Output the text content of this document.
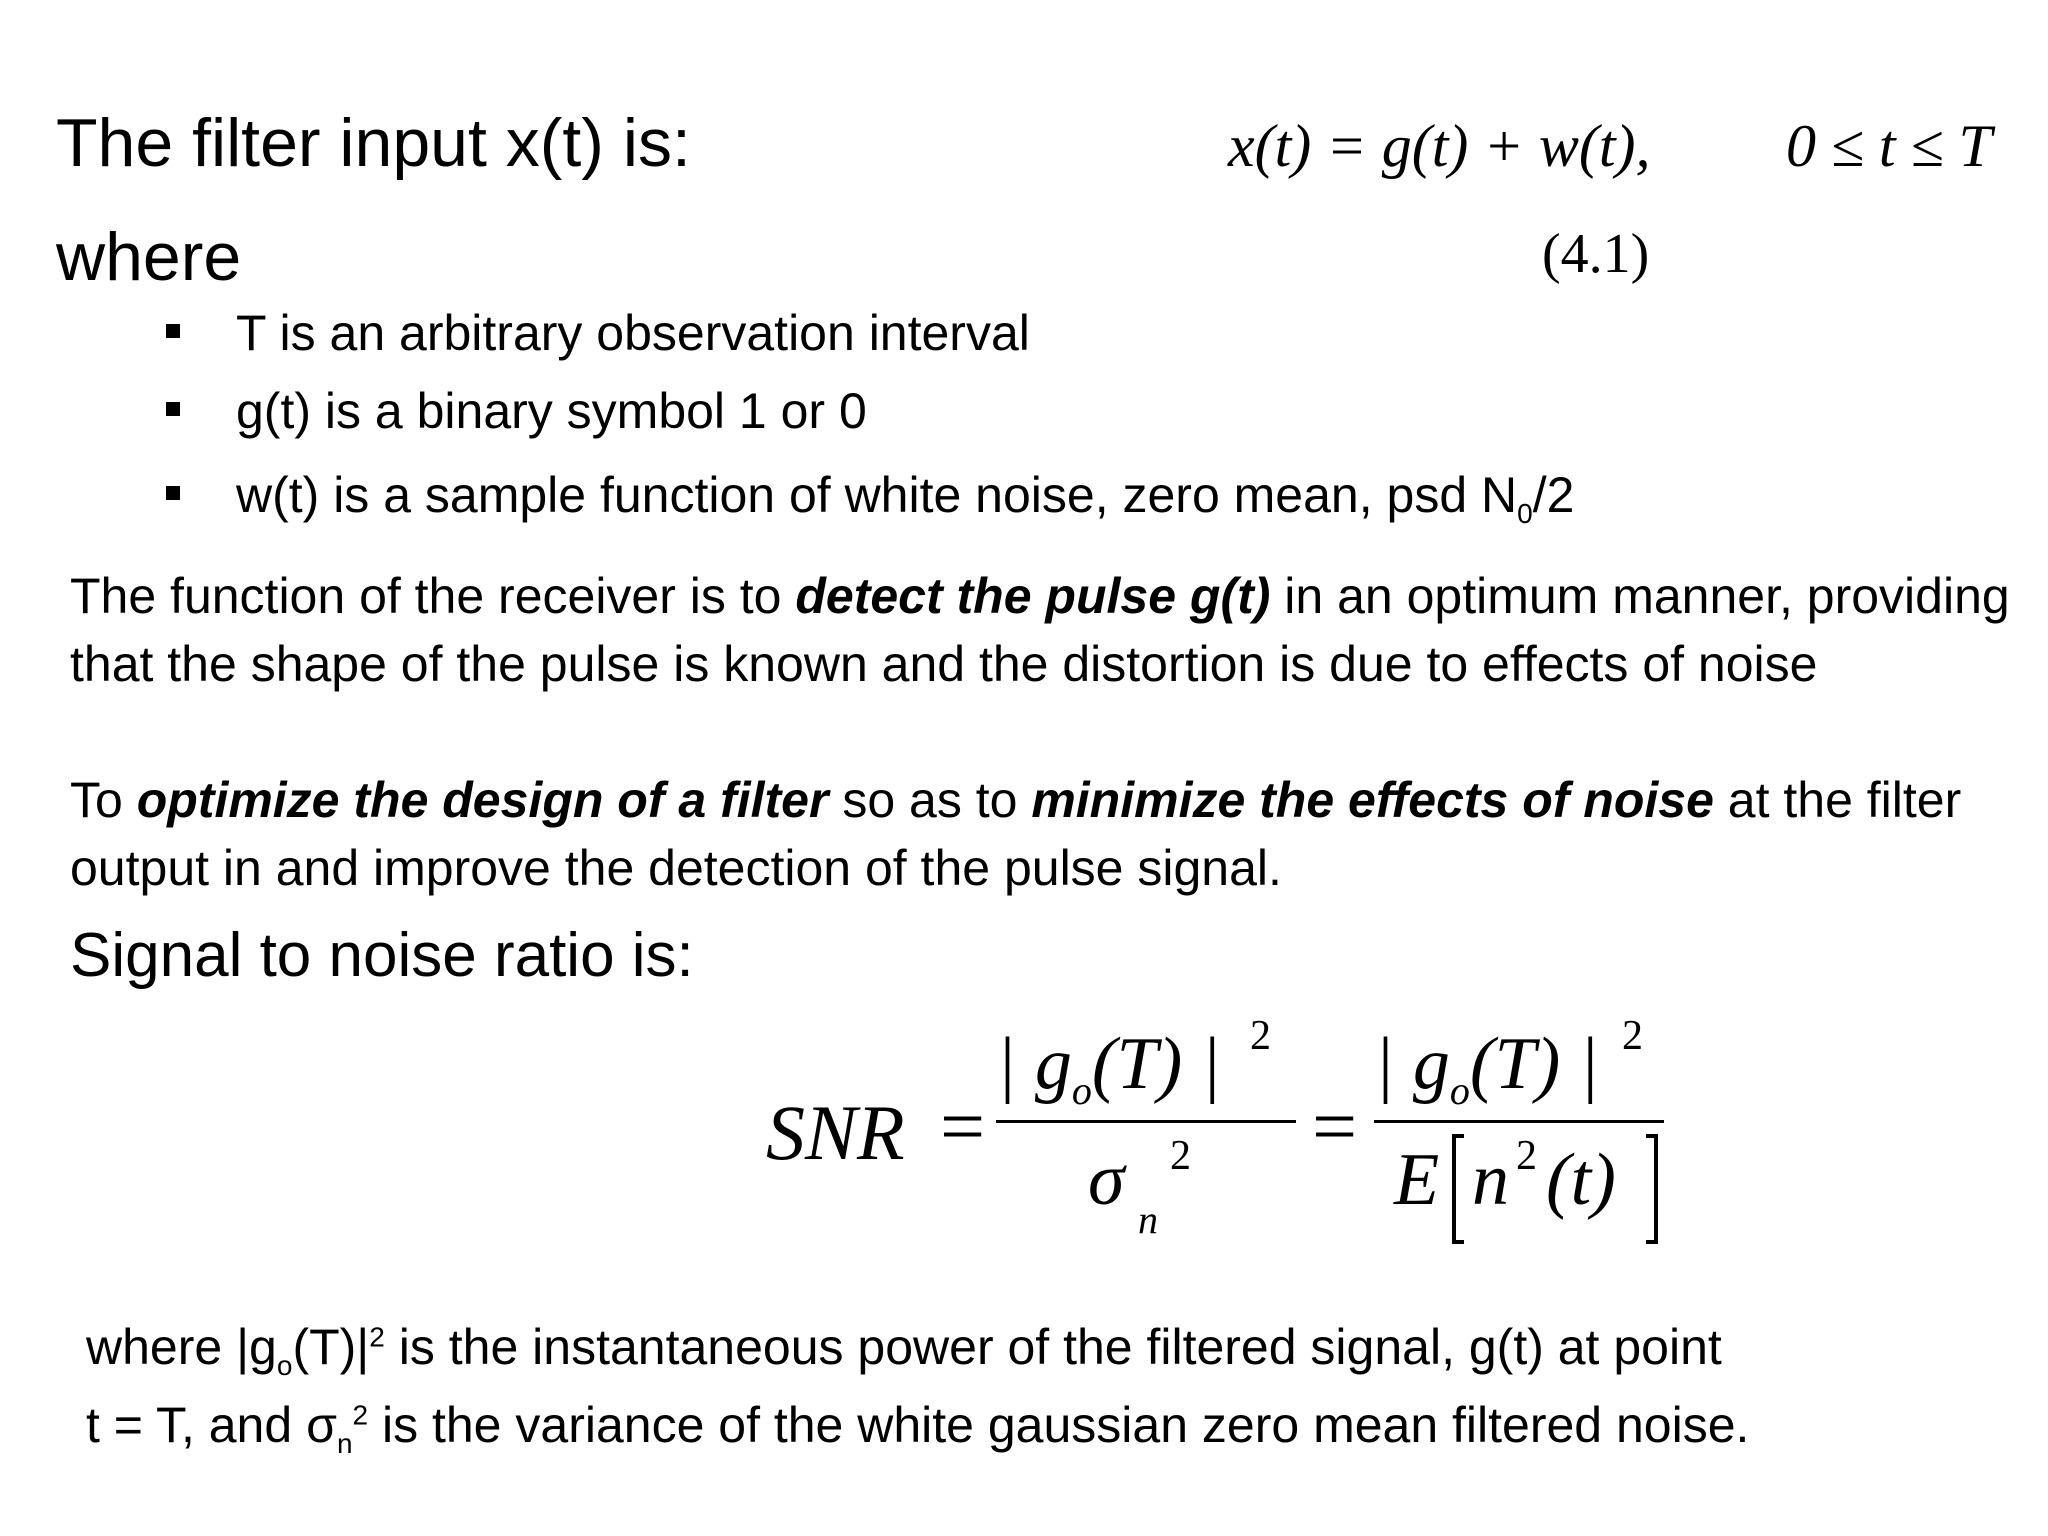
The filter input x(t) is:
where
x(t) = g(t) + w(t), 0 ≤ t ≤ T
(4.1)
T is an arbitrary observation interval
g(t) is a binary symbol 1 or 0
w(t) is a sample function of white noise, zero mean, psd $N_0/2$
The function of the receiver is to detect the pulse g(t) in an optimum manner, providing that the shape of the pulse is known and the distortion is due to effects of noise
To optimize the design of a filter so as to minimize the effects of noise at the filter output in and improve the detection of the pulse signal.
Signal to noise ratio is:
SNR =
| $g_o(T)$ | 2
σ n
2 =
| $g_o(T)$ | 2
E n 2 (t)
where $|g_o(T)|^2$ is the instantaneous power of the filtered signal, g(t) at point
t = T, and $\sigma_n^2$ is the variance of the white gaussian zero mean filtered noise.
